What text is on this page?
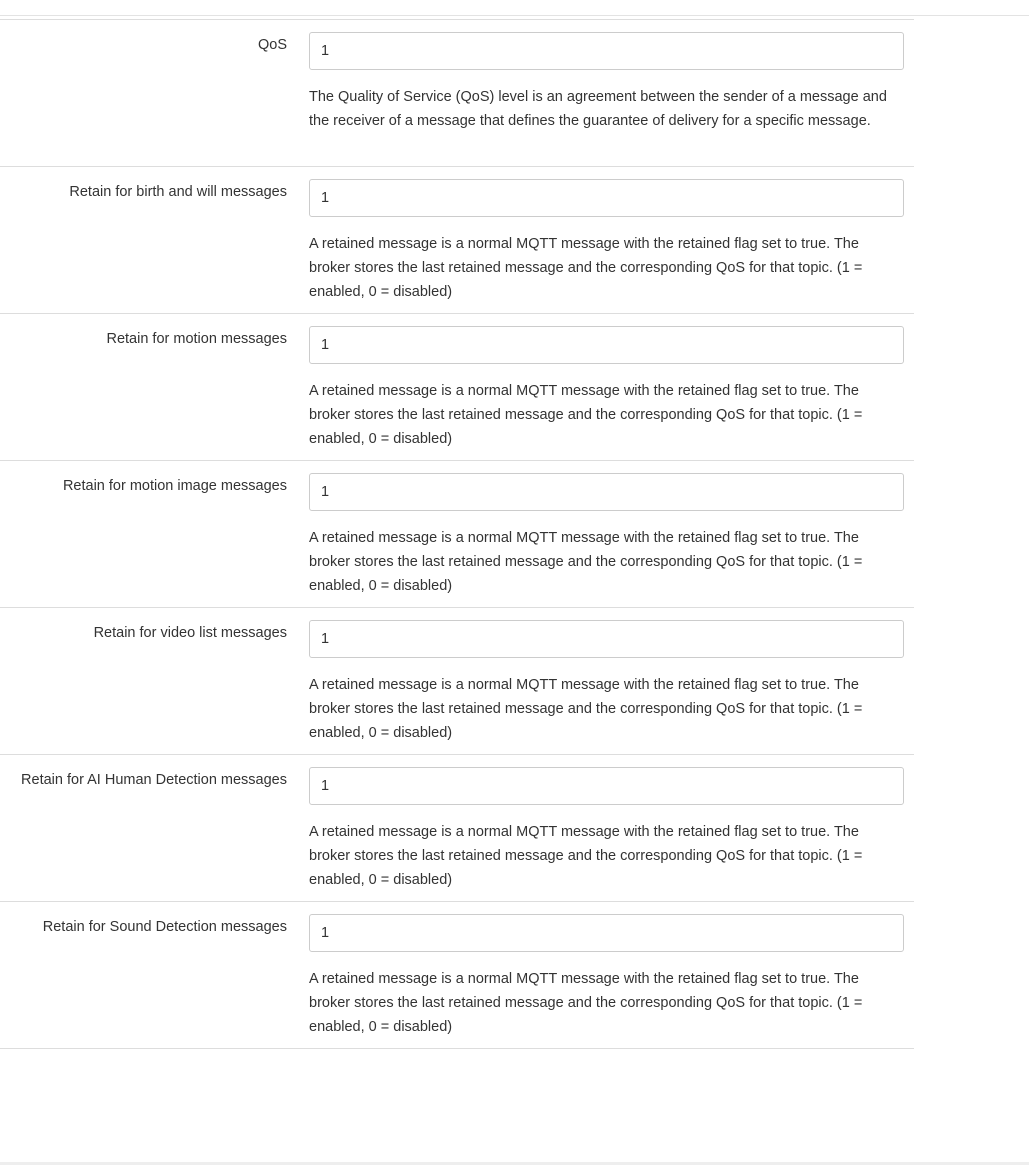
QoS
1

The Quality of Service (QoS) level is an agreement between the sender of a message and the receiver of a message that defines the guarantee of delivery for a specific message.

Retain for birth and will messages
1

A retained message is a normal MQTT message with the retained flag set to true. The broker stores the last retained message and the corresponding QoS for that topic. (1 = enabled, 0 = disabled)

Retain for motion messages
1

A retained message is a normal MQTT message with the retained flag set to true. The broker stores the last retained message and the corresponding QoS for that topic. (1 = enabled, 0 = disabled)

Retain for motion image messages
1

A retained message is a normal MQTT message with the retained flag set to true. The broker stores the last retained message and the corresponding QoS for that topic. (1 = enabled, 0 = disabled)

Retain for video list messages
1

A retained message is a normal MQTT message with the retained flag set to true. The broker stores the last retained message and the corresponding QoS for that topic. (1 = enabled, 0 = disabled)

Retain for AI Human Detection messages
1

A retained message is a normal MQTT message with the retained flag set to true. The broker stores the last retained message and the corresponding QoS for that topic. (1 = enabled, 0 = disabled)

Retain for Sound Detection messages
1

A retained message is a normal MQTT message with the retained flag set to true. The broker stores the last retained message and the corresponding QoS for that topic. (1 = enabled, 0 = disabled)
